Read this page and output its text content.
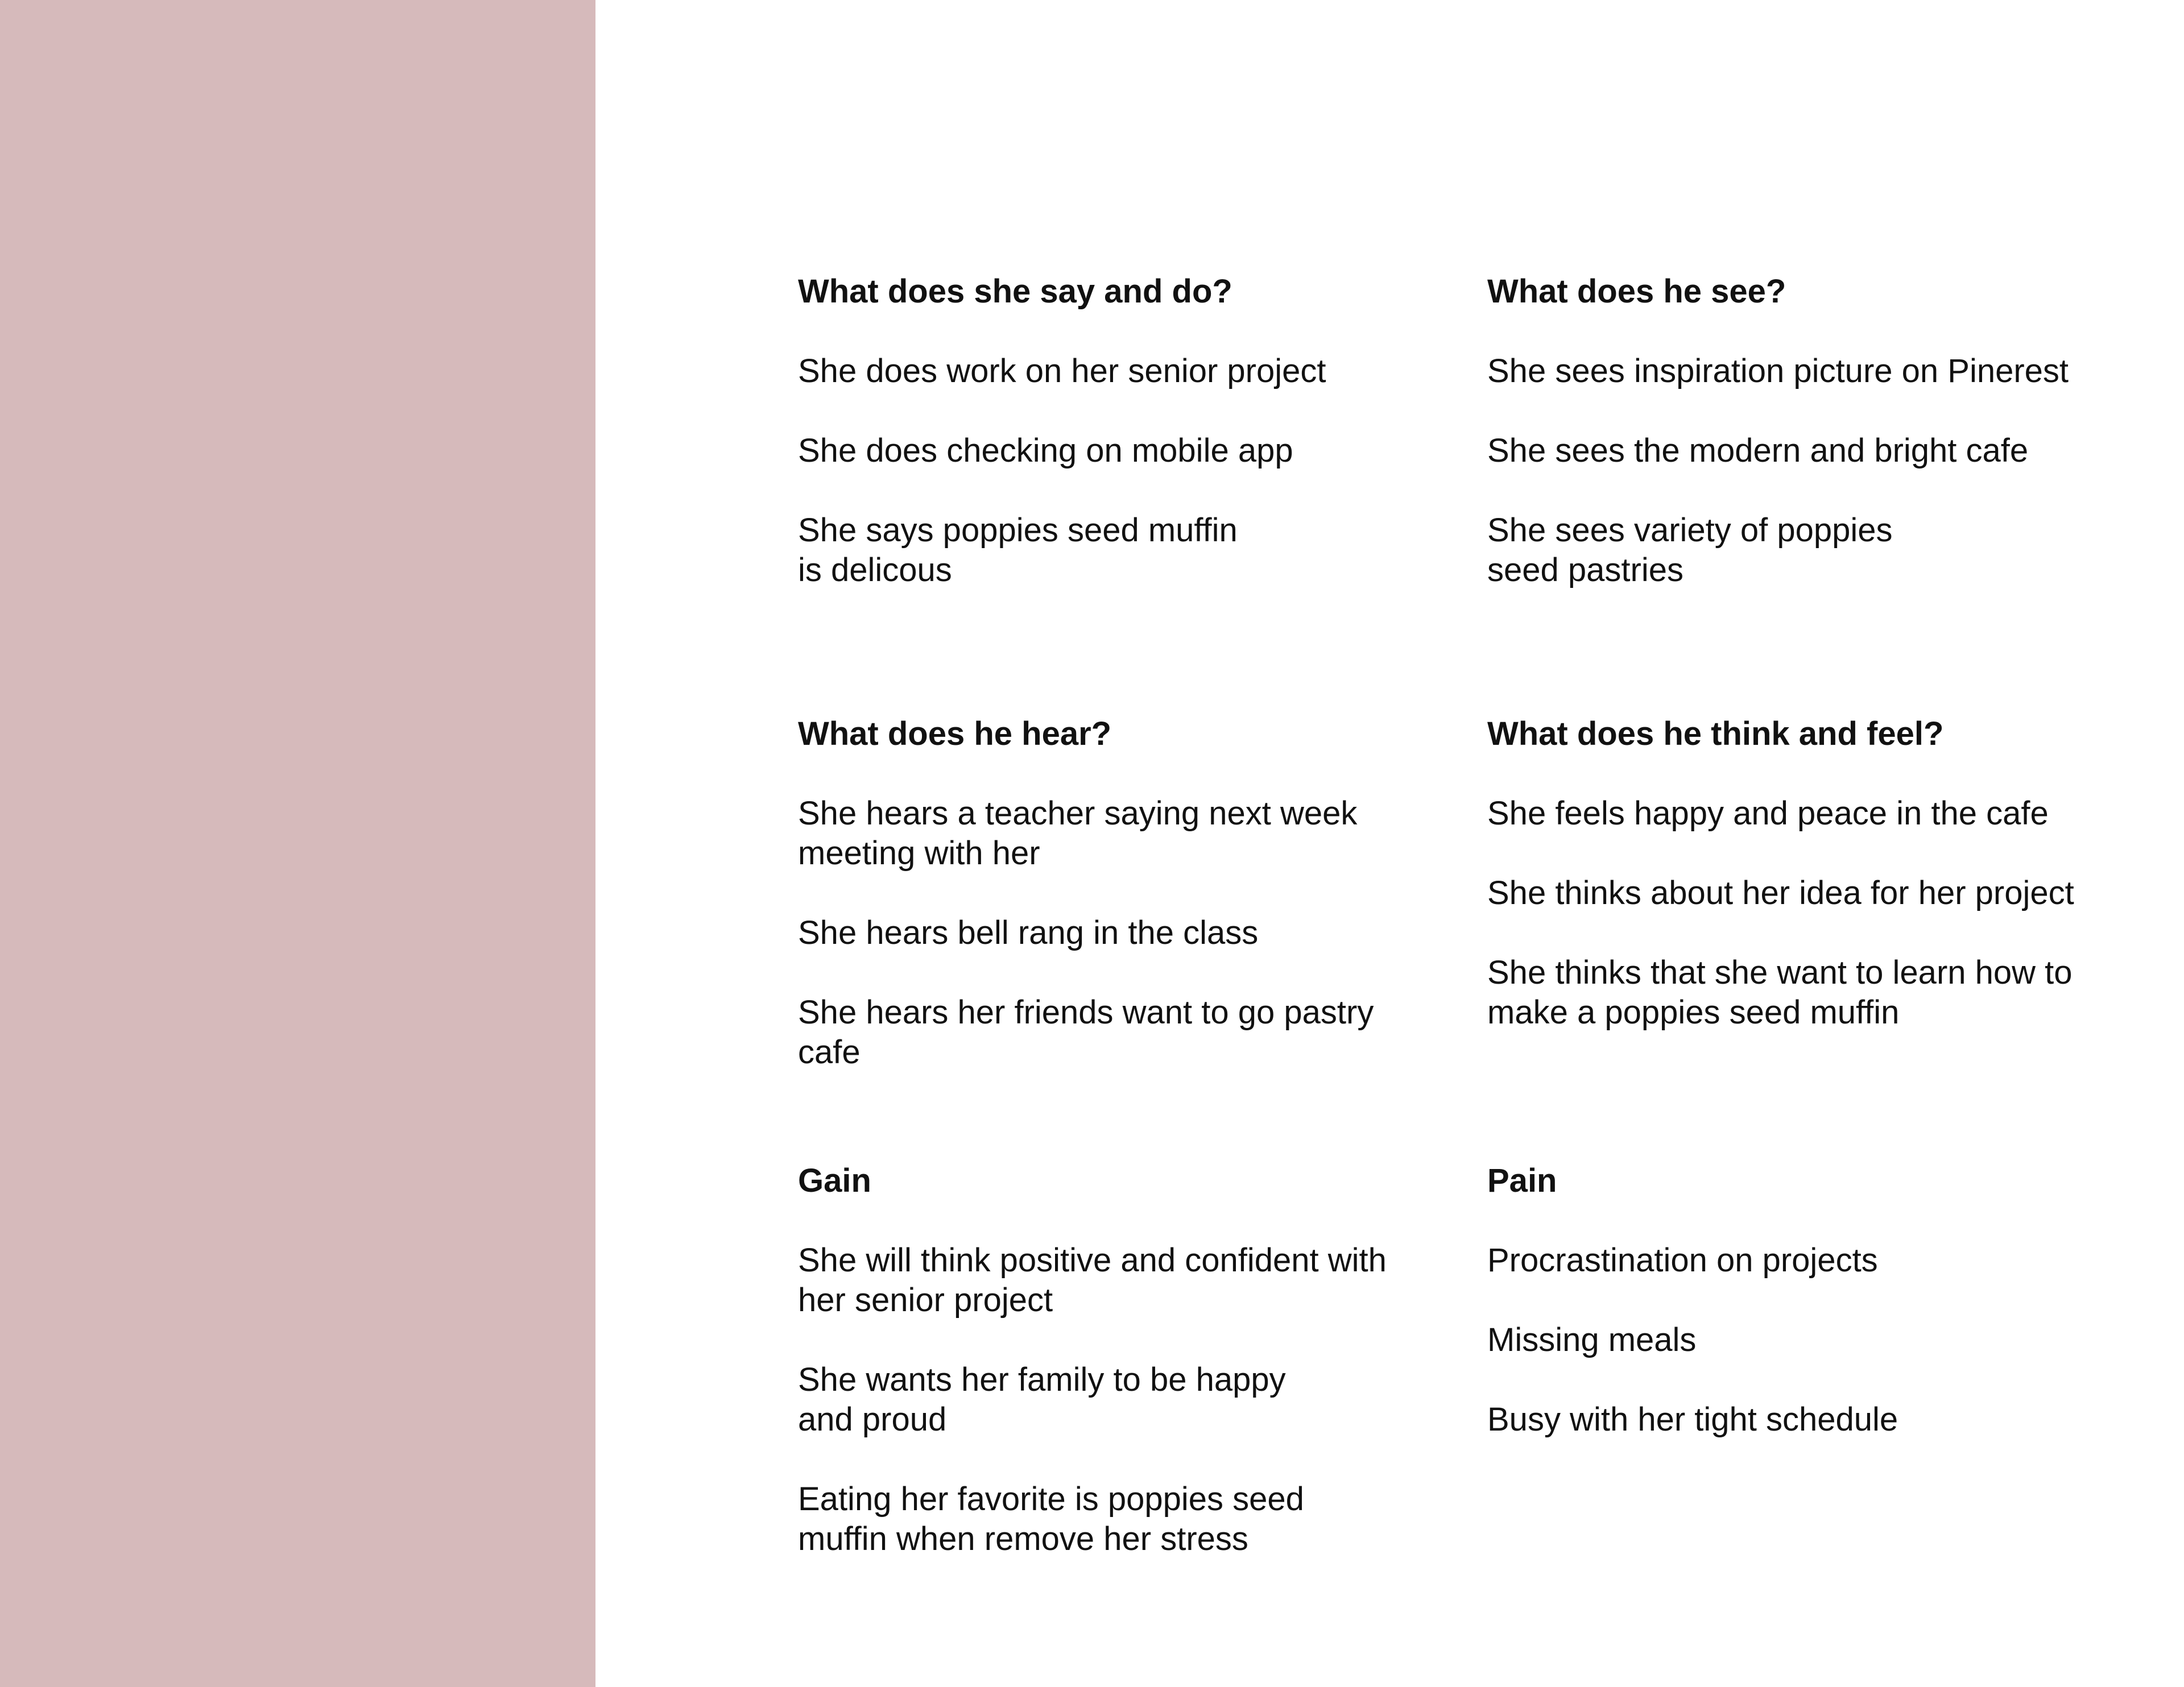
What does she say and do?
She does work on her senior project
She does checking on mobile app
She says poppies seed muffin
is delicous
What does he see?
She sees inspiration picture on Pinerest
She sees the modern and bright cafe
She sees variety of poppies
seed pastries
What does he hear?
She hears a teacher saying next week
meeting with her
She hears bell rang in the class
She hears her friends want to go pastry
cafe
What does he think and feel?
She feels happy and peace in the cafe
She thinks about her idea for her project
She thinks that she want to learn how to
make a poppies seed muffin
Gain
She will think positive and confident with
her senior project
She wants her family to be happy
and proud
Eating her favorite is poppies seed
muffin when remove her stress
Pain
Procrastination on projects
Missing meals
Busy with her tight schedule
